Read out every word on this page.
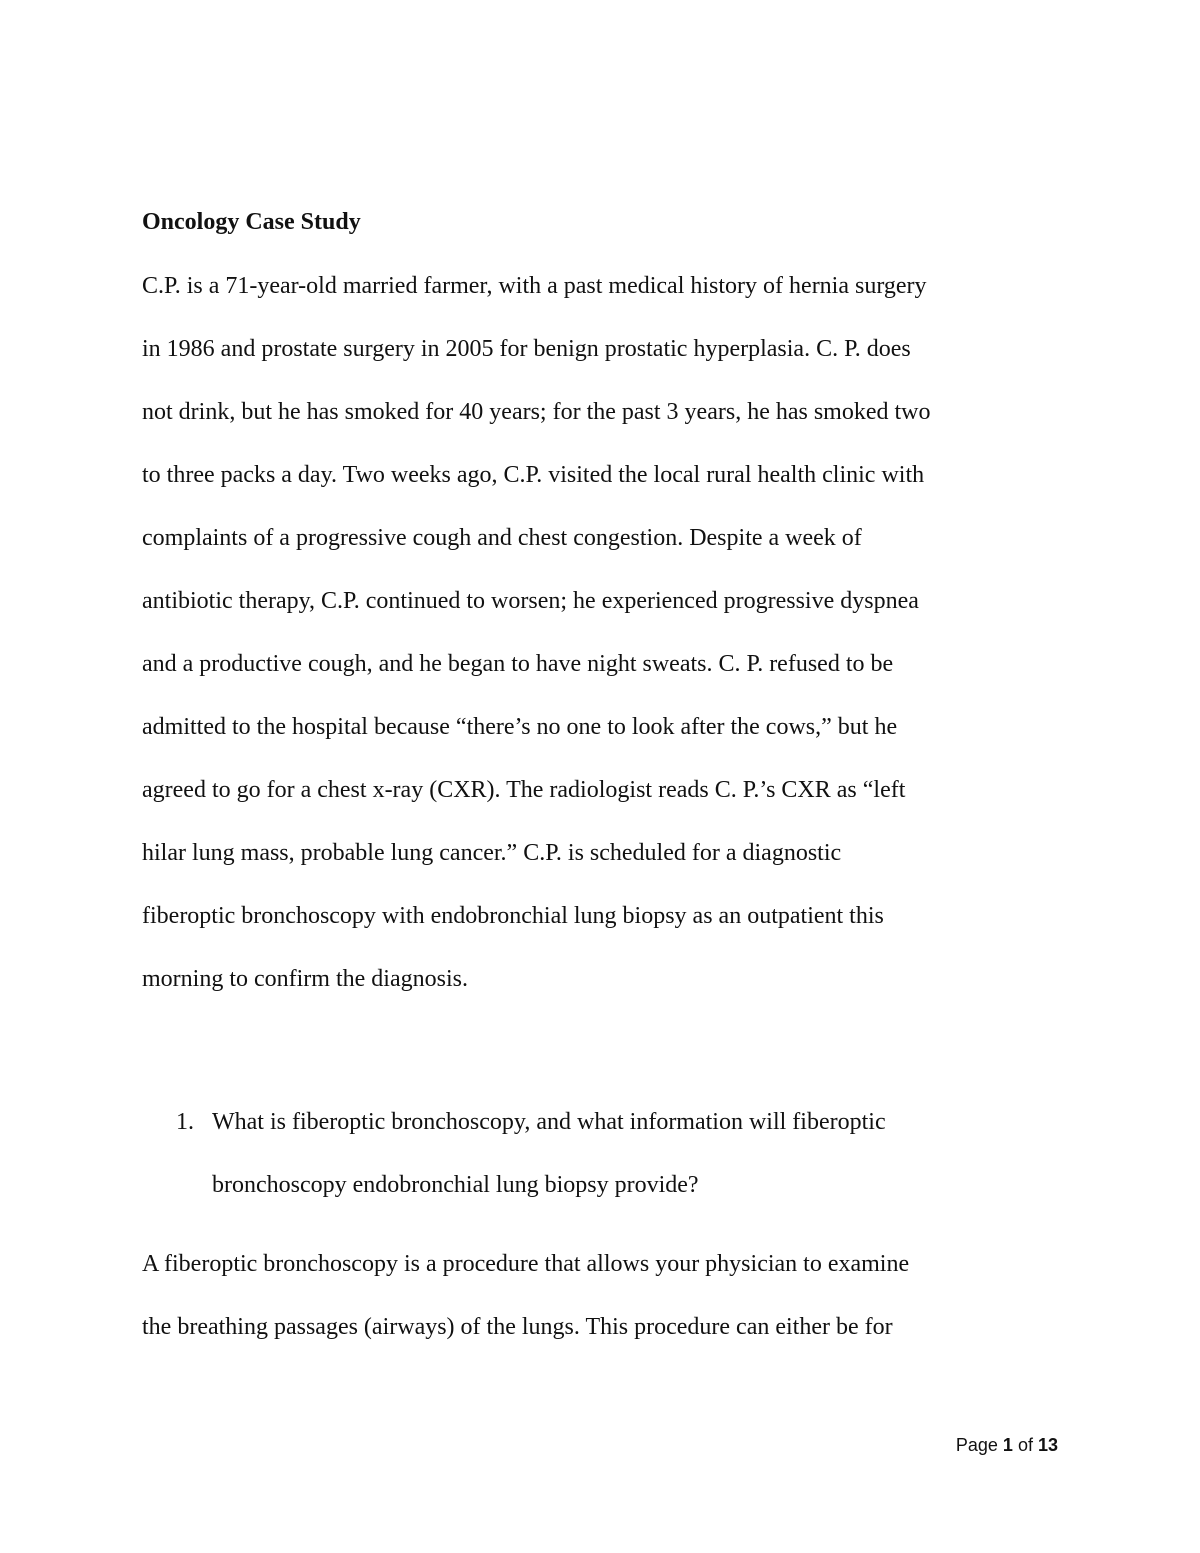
Oncology Case Study
C.P. is a 71-year-old married farmer, with a past medical history of hernia surgery
in 1986 and prostate surgery in 2005 for benign prostatic hyperplasia. C. P. does
not drink, but he has smoked for 40 years; for the past 3 years, he has smoked two
to three packs a day. Two weeks ago, C.P. visited the local rural health clinic with
complaints of a progressive cough and chest congestion. Despite a week of
antibiotic therapy, C.P. continued to worsen; he experienced progressive dyspnea
and a productive cough, and he began to have night sweats. C. P. refused to be
admitted to the hospital because “there’s no one to look after the cows,” but he
agreed to go for a chest x-ray (CXR). The radiologist reads C. P.’s CXR as “left
hilar lung mass, probable lung cancer.” C.P. is scheduled for a diagnostic
fiberoptic bronchoscopy with endobronchial lung biopsy as an outpatient this
morning to confirm the diagnosis.
1. What is fiberoptic bronchoscopy, and what information will fiberoptic
bronchoscopy endobronchial lung biopsy provide?
A fiberoptic bronchoscopy is a procedure that allows your physician to examine
the breathing passages (airways) of the lungs. This procedure can either be for
Page 1 of 13
